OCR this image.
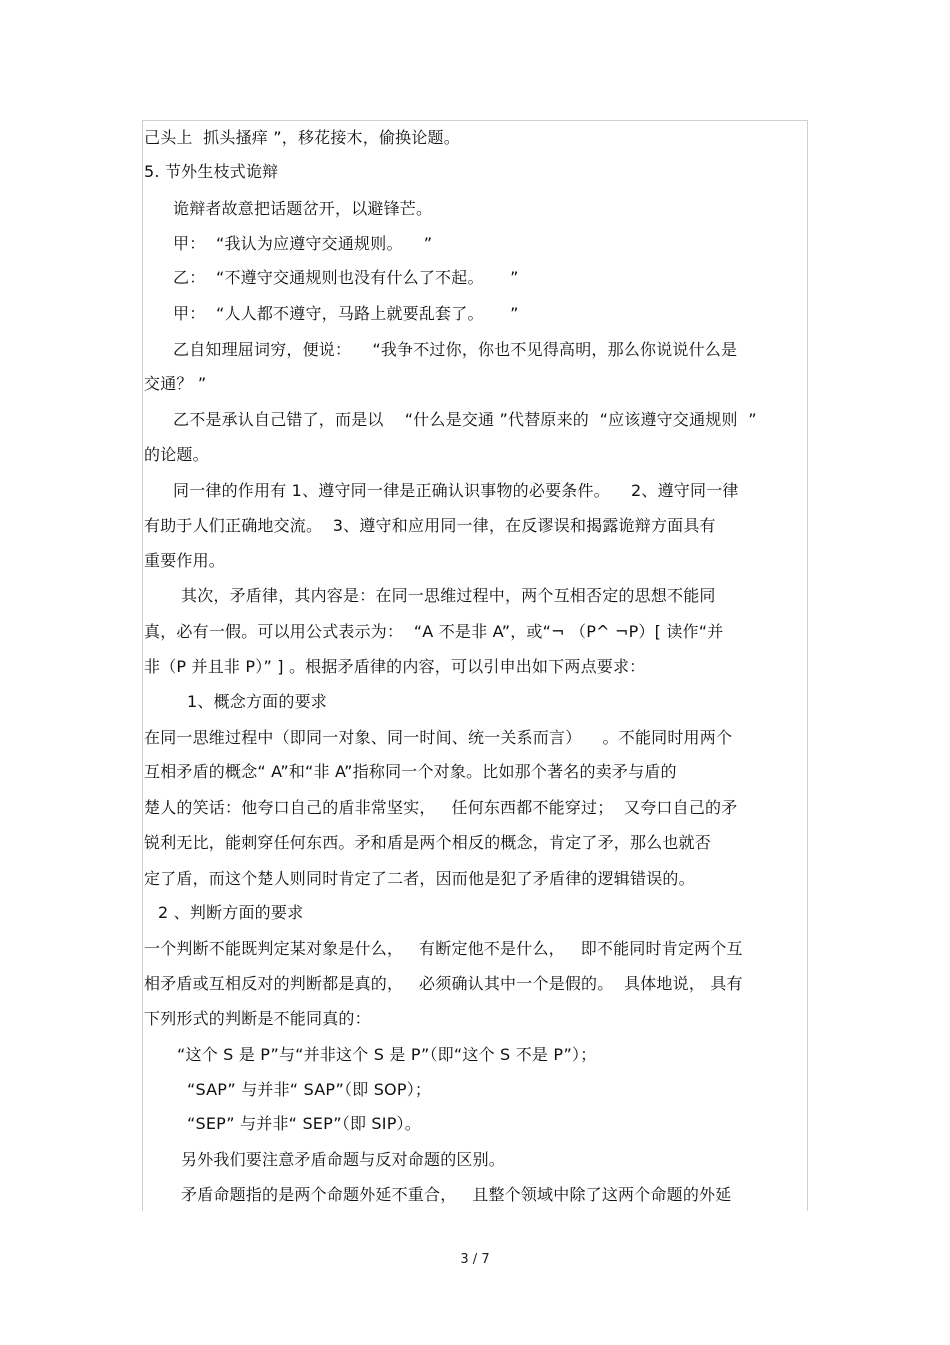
己头上  抓头搔痒 ”，移花接木，偷换论题。
5. 节外生枝式诡辩
诡辩者故意把话题岔开，以避锋芒。
甲：  “我认为应遵守交通规则。    ”
乙：  “不遵守交通规则也没有什么了不起。     ”
甲：  “人人都不遵守，马路上就要乱套了。     ”
乙自知理屈词穷，便说：    “我争不过你，你也不见得高明，那么你说说什么是
交通？ ”
乙不是承认自己错了，而是以    “什么是交通 ”代替原来的  “应该遵守交通规则  ”
的论题。
同一律的作用有 1、遵守同一律是正确认识事物的必要条件。    2、遵守同一律
有助于人们正确地交流。  3、遵守和应用同一律，在反谬误和揭露诡辩方面具有
重要作用。
其次，矛盾律，其内容是：在同一思维过程中，两个互相否定的思想不能同
真，必有一假。可以用公式表示为：  “A 不是非 A”，或“¬ （P^ ¬P）[ 读作“并
非（P 并且非 P）” ] 。根据矛盾律的内容，可以引申出如下两点要求：
1、概念方面的要求
在同一思维过程中（即同一对象、同一时间、统一关系而言）    。不能同时用两个
互相矛盾的概念“ A”和“非 A”指称同一个对象。比如那个著名的卖矛与盾的
楚人的笑话：他夸口自己的盾非常坚实，   任何东西都不能穿过；  又夸口自己的矛
锐利无比，能刺穿任何东西。矛和盾是两个相反的概念，肯定了矛，那么也就否
定了盾，而这个楚人则同时肯定了二者，因而他是犯了矛盾律的逻辑错误的。
2 、判断方面的要求
一个判断不能既判定某对象是什么，   有断定他不是什么，   即不能同时肯定两个互
相矛盾或互相反对的判断都是真的，   必须确认其中一个是假的。  具体地说， 具有
下列形式的判断是不能同真的：
“这个 S 是 P”与“并非这个 S 是 P”（即“这个 S 不是 P”）；
“SAP” 与并非“ SAP”（即 SOP）；
“SEP” 与并非“ SEP”（即 SIP）。
另外我们要注意矛盾命题与反对命题的区别。
矛盾命题指的是两个命题外延不重合，   且整个领域中除了这两个命题的外延
3 / 7
